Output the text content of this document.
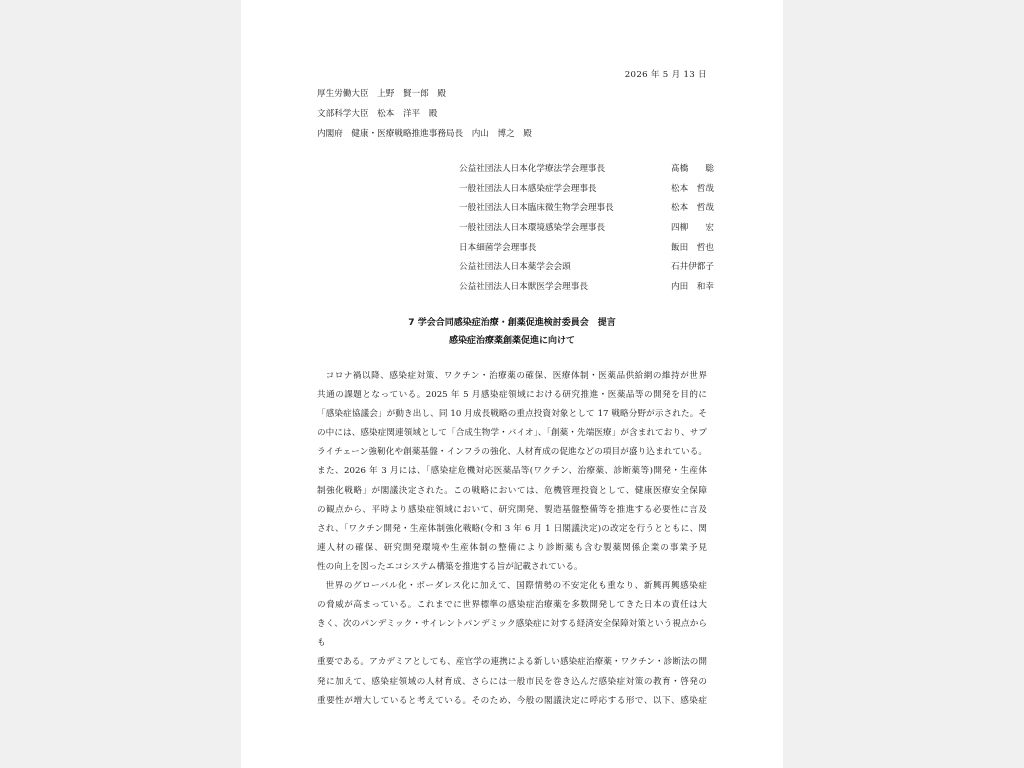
2026 年 5 月 13 日
厚生労働大臣　上野　賢一郎　殿
文部科学大臣　松本　洋平　殿
内閣府　健康・医療戦略推進事務局長　内山　博之　殿
公益社団法人日本化学療法学会理事長	髙橋　　聡
一般社団法人日本感染症学会理事長	松本　哲哉
一般社団法人日本臨床微生物学会理事長	松本　哲哉
一般社団法人日本環境感染学会理事長	四柳　　宏
日本細菌学会理事長	飯田　哲也
公益社団法人日本薬学会会頭	石井伊都子
公益社団法人日本獣医学会理事長	内田　和幸
7 学会合同感染症治療・創薬促進検討委員会　提言
感染症治療薬創薬促進に向けて

コロナ禍以降、感染症対策、ワクチン・治療薬の確保、医療体制・医薬品供給網の維持が世界

共通の課題となっている。2025 年 5 月感染症領域における研究推進・医薬品等の開発を目的に

「感染症協議会」が動き出し、同 10 月成長戦略の重点投資対象として 17 戦略分野が示された。そ

の中には、感染症関連領域として「合成生物学・バイオ」、「創薬・先端医療」が含まれており、サプ

ライチェーン強靭化や創薬基盤・インフラの強化、人材育成の促進などの項目が盛り込まれている。

また、2026 年 3 月には、「感染症危機対応医薬品等(ワクチン、治療薬、診断薬等)開発・生産体

制強化戦略」が閣議決定された。この戦略においては、危機管理投資として、健康医療安全保障

の観点から、平時より感染症領域において、研究開発、製造基盤整備等を推進する必要性に言及

され、「ワクチン開発・生産体制強化戦略(令和 3 年 6 月 1 日閣議決定)の改定を行うとともに、関

連人材の確保、研究開発環境や生産体制の整備により診断薬も含む製薬関係企業の事業予見

性の向上を図ったエコシステム構築を推進する旨が記載されている。

世界のグローバル化・ボーダレス化に加えて、国際情勢の不安定化も重なり、新興再興感染症

の脅威が高まっている。これまでに世界標準の感染症治療薬を多数開発してきた日本の責任は大

きく、次のパンデミック・サイレントパンデミック感染症に対する経済安全保障対策という視点からも

重要である。アカデミアとしても、産官学の連携による新しい感染症治療薬・ワクチン・診断法の開

発に加えて、感染症領域の人材育成、さらには一般市民を巻き込んだ感染症対策の教育・啓発の

重要性が増大していると考えている。そのため、今般の閣議決定に呼応する形で、以下、感染症
